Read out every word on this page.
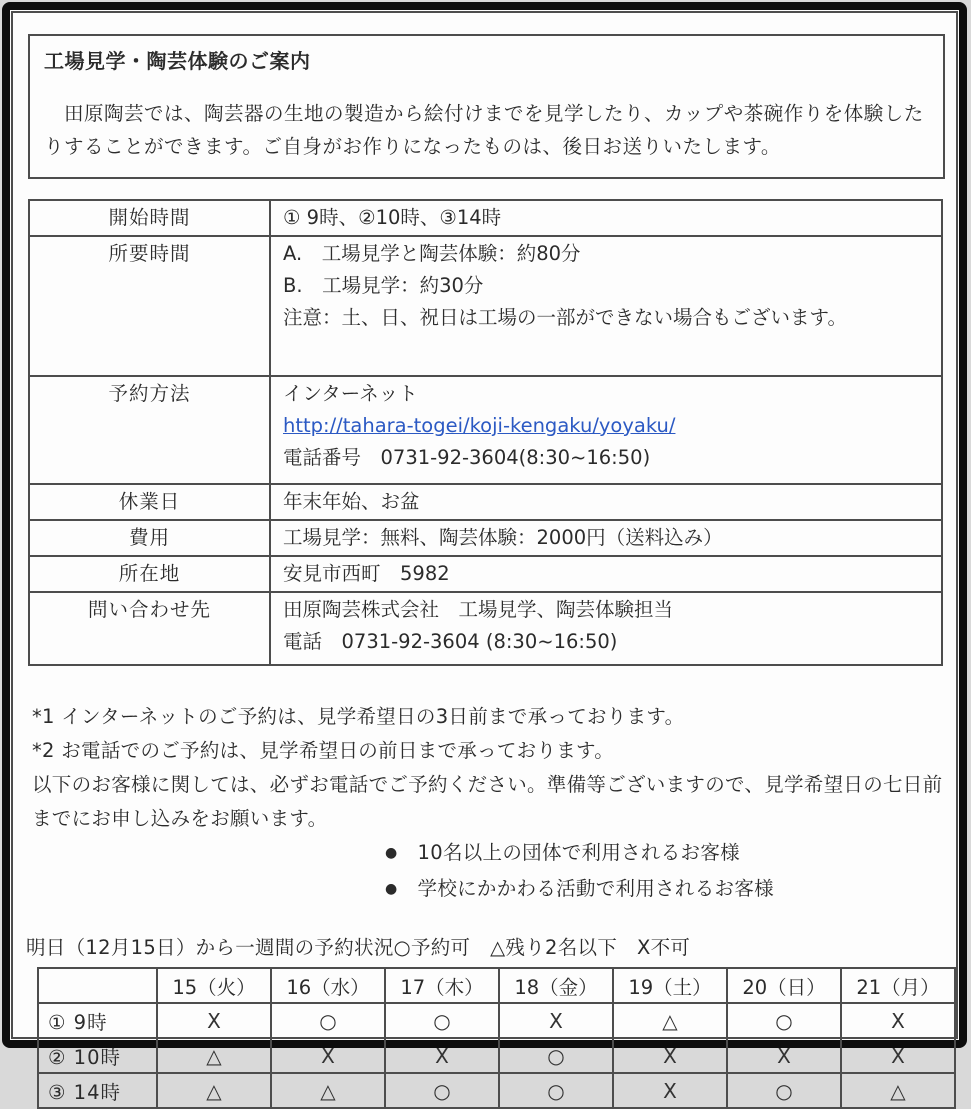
工場見学・陶芸体験のご案内
　田原陶芸では、陶芸器の生地の製造から絵付けまでを見学したり、カップや茶碗作りを体験したりすることができます。ご自身がお作りになったものは、後日お送りいたします。
開始時間	① 9時、②10時、③14時

所要時間	A.　工場見学と陶芸体験：約80分
B.　工場見学：約30分
注意：土、日、祝日は工場の一部ができない場合もございます。

予約方法	インターネット
http://tahara-togei/koji-kengaku/yoyaku/
電話番号　0731-92-3604(8:30~16:50)

休業日	年末年始、お盆

費用	工場見学：無料、陶芸体験：2000円（送料込み）

所在地	安見市西町　5982

問い合わせ先	田原陶芸株式会社　工場見学、陶芸体験担当
電話　0731-92-3604 (8:30~16:50)
*1 インターネットのご予約は、見学希望日の3日前まで承っております。
*2 お電話でのご予約は、見学希望日の前日まで承っております。
以下のお客様に関しては、必ずお電話でご予約ください。準備等ございますので、見学希望日の七日前までにお申し込みをお願います。
● 10名以上の団体で利用されるお客様
● 学校にかかわる活動で利用されるお客様
明日（12月15日）から一週間の予約状況○予約可　△残り2名以下　X不可
	15（火）	16（水）	17（木）	18（金）	19（土）	20（日）	21（月）
① 9時	X	○	○	X	△	○	X
② 10時	△	X	X	○	X	X	X
③ 14時	△	△	○	○	X	○	△
